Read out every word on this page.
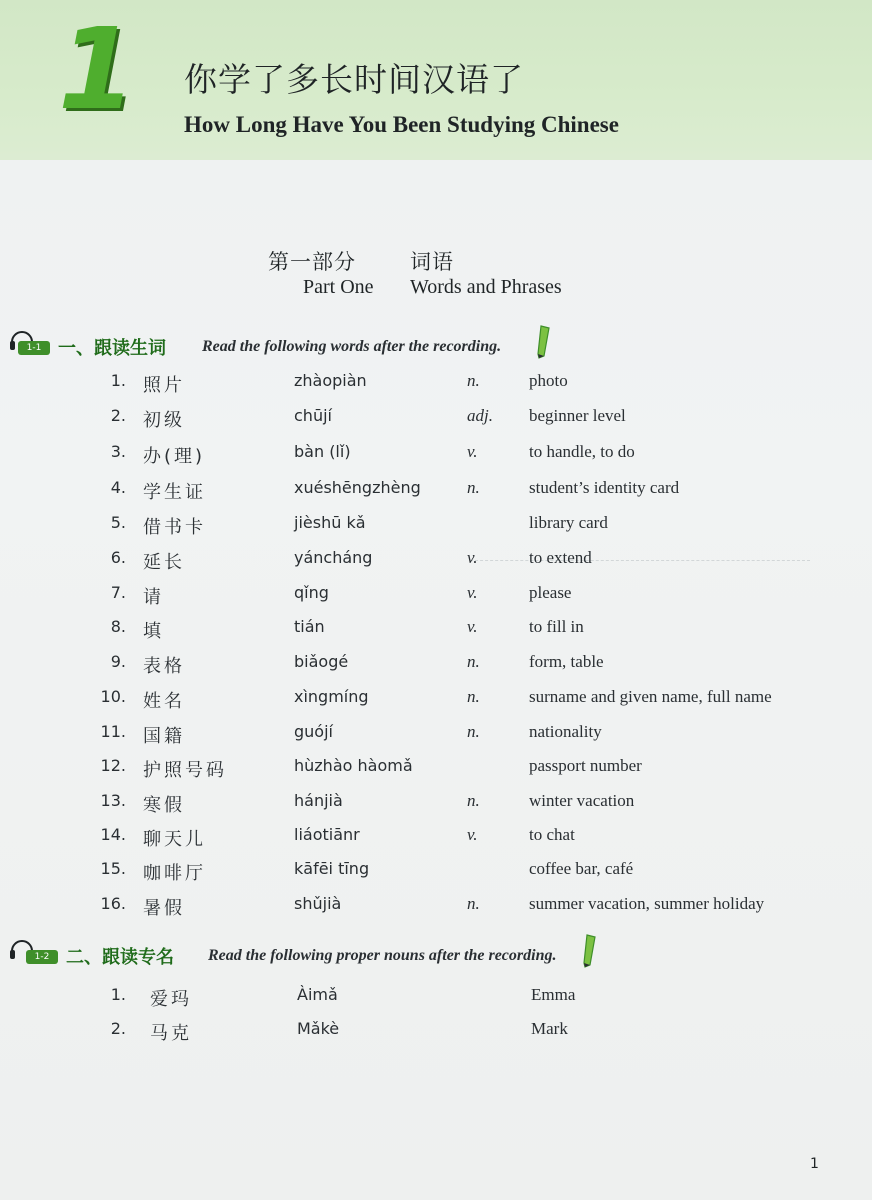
1 你学了多长时间汉语了
How Long Have You Been Studying Chinese
第一部分	词语
Part One Words and Phrases
1-1 一、跟读生词 Read the following words after the recording.
1. 照片	zhàopiàn	n.	photo
2. 初级	chūjí	adj. beginner level
3. 办(理)	bàn (lǐ)	v.	to handle, to do
4. 学生证	xuéshēngzhèng	n.	student’s identity card
5. 借书卡	jièshū kǎ	library card
6. 延长	yáncháng	v.	to extend
7. 请	qǐng	v.	please
8. 填	tián	v.	to fill in
9. 表格	biǎogé	n.	form, table
10. 姓名	xìngmíng	n.	surname and given name, full name
11. 国籍	guójí	n.	nationality
12. 护照号码	hùzhào hàomǎ	passport number
13. 寒假	hánjià	n.	winter vacation
14. 聊天儿	liáotiānr	v.	to chat
15. 咖啡厅	kāfēi tīng	coffee bar, café
16. 暑假	shǔjià	n.	summer vacation, summer holiday
1-2 二、跟读专名 Read the following proper nouns after the recording.
1. 爱玛	Àimǎ	Emma
2. 马克	Mǎkè	Mark
1
